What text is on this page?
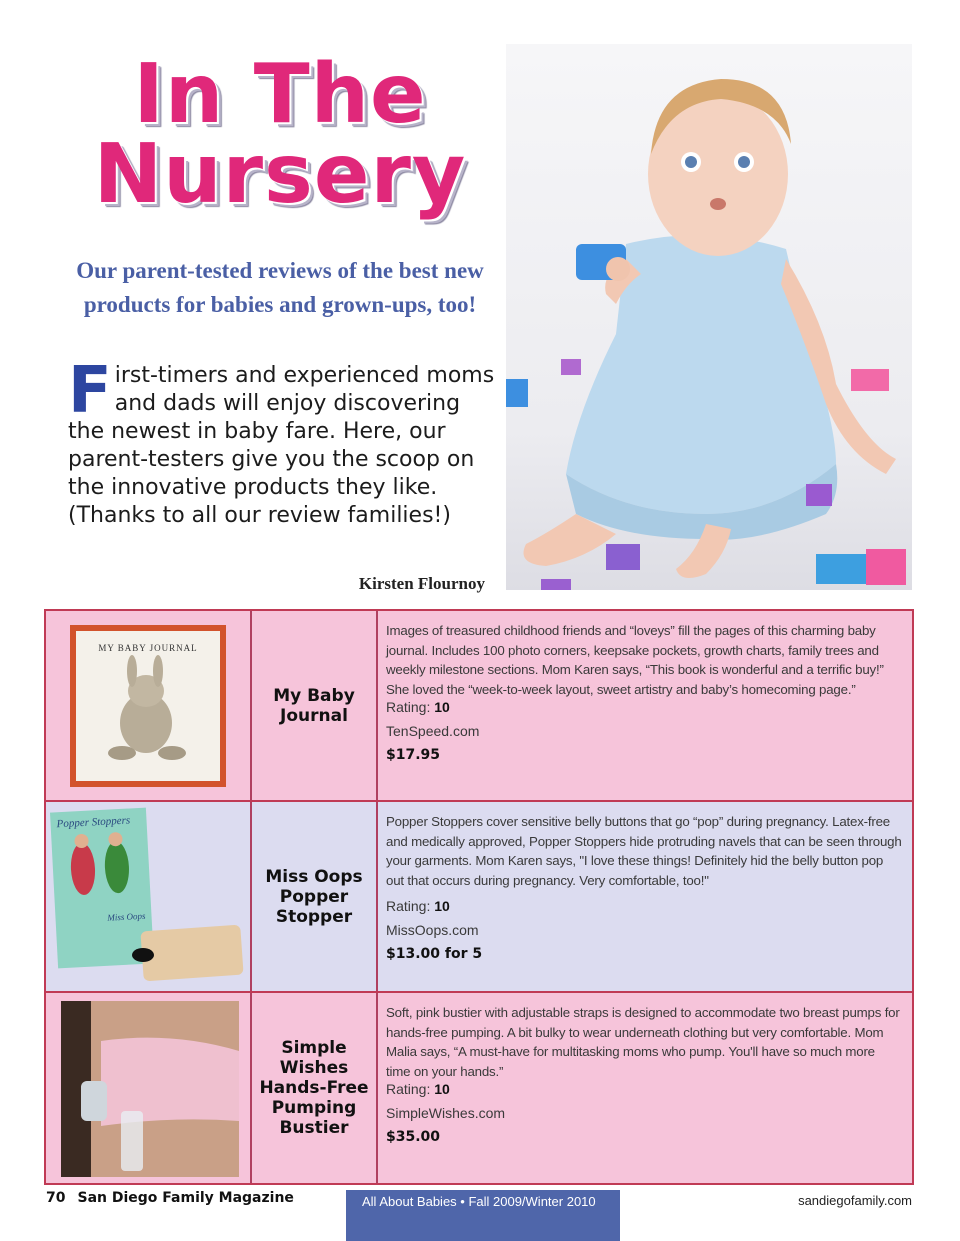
In The
Nursery
Our parent-tested reviews of the best new products for babies and grown-ups, too!
First-timers and experienced moms and dads will enjoy discovering the newest in baby fare. Here, our parent-testers give you the scoop on the innovative products they like. (Thanks to all our review families!)
Kirsten Flournoy
MY BABY JOURNAL
My Baby Journal
Images of treasured childhood friends and “loveys” fill the pages of this charming baby journal. Includes 100 photo corners, keepsake pockets, growth charts, family trees and weekly milestone sections. Mom Karen says, “This book is wonderful and a terrific buy!” She loved the “week-to-week layout, sweet artistry and baby’s homecoming page.”
Rating: 10
TenSpeed.com
$17.95
Popper Stoppers
Miss Oops
Miss Oops Popper Stopper
Popper Stoppers cover sensitive belly buttons that go “pop” during pregnancy. Latex-free and medically approved, Popper Stoppers hide protruding navels that can be seen through your garments. Mom Karen says, "I love these things! Definitely hid the belly button pop out that occurs during pregnancy. Very comfortable, too!"
Rating: 10
MissOops.com
$13.00 for 5
Simple Wishes Hands-Free Pumping Bustier
Soft, pink bustier with adjustable straps is designed to accommodate two breast pumps for hands-free pumping. A bit bulky to wear underneath clothing but very comfortable. Mom Malia says, “A must-have for multitasking moms who pump. You'll have so much more time on your hands.”
Rating: 10
SimpleWishes.com
$35.00
70 San Diego Family Magazine	All About Babies • Fall 2009/Winter 2010	sandiegofamily.com
